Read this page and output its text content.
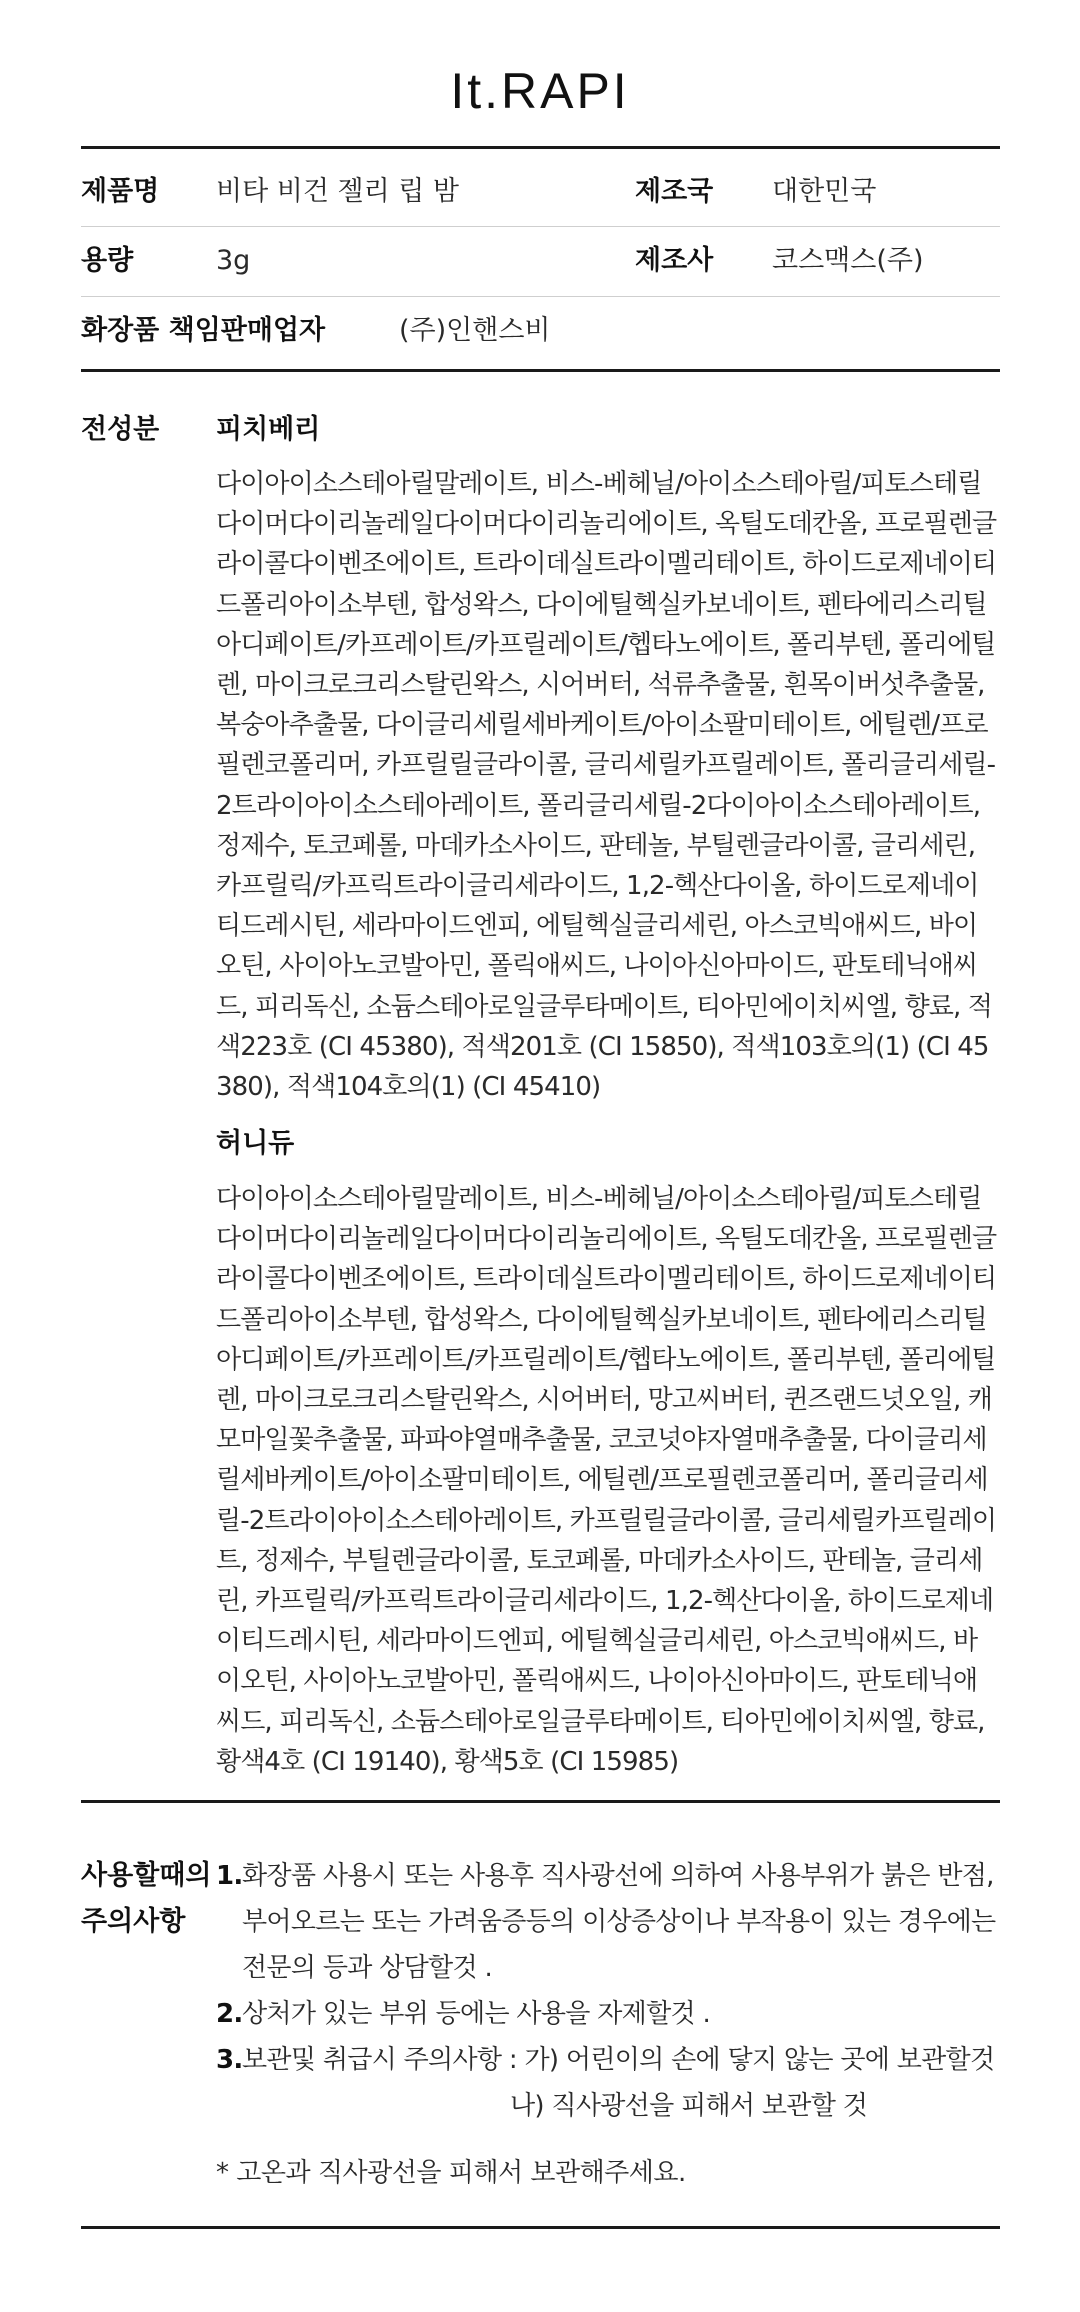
It.RAPI
제품명 비타 비건 젤리 립 밤	제조국 대한민국
용량	3g	제조사 코스맥스(주)
화장품 책임판매업자	(주)인핸스비
전성분 피치베리
다이아이소스테아릴말레이트, 비스-베헤닐/아이소스테아릴/피토스테릴다이머다이리놀레일다이머다이리놀리에이트, 옥틸도데칸올, 프로필렌글라이콜다이벤조에이트, 트라이데실트라이멜리테이트, 하이드로제네이티드폴리아이소부텐, 합성왁스, 다이에틸헥실카보네이트, 펜타에리스리틸아디페이트/카프레이트/카프릴레이트/헵타노에이트, 폴리부텐, 폴리에틸렌, 마이크로크리스탈린왁스, 시어버터, 석류추출물, 흰목이버섯추출물, 복숭아추출물, 다이글리세릴세바케이트/아이소팔미테이트, 에틸렌/프로필렌코폴리머, 카프릴릴글라이콜, 글리세릴카프릴레이트, 폴리글리세릴-2트라이아이소스테아레이트, 폴리글리세릴-2다이아이소스테아레이트, 정제수, 토코페롤, 마데카소사이드, 판테놀, 부틸렌글라이콜, 글리세린, 카프릴릭/카프릭트라이글리세라이드, 1,2-헥산다이올, 하이드로제네이티드레시틴, 세라마이드엔피, 에틸헥실글리세린, 아스코빅애씨드, 바이오틴, 사이아노코발아민, 폴릭애씨드, 나이아신아마이드, 판토테닉애씨드, 피리독신, 소듐스테아로일글루타메이트, 티아민에이치씨엘, 향료, 적색223호 (CI 45380), 적색201호 (CI 15850), 적색103호의(1) (CI 45380), 적색104호의(1) (CI 45410)
허니듀
다이아이소스테아릴말레이트, 비스-베헤닐/아이소스테아릴/피토스테릴다이머다이리놀레일다이머다이리놀리에이트, 옥틸도데칸올, 프로필렌글라이콜다이벤조에이트, 트라이데실트라이멜리테이트, 하이드로제네이티드폴리아이소부텐, 합성왁스, 다이에틸헥실카보네이트, 펜타에리스리틸아디페이트/카프레이트/카프릴레이트/헵타노에이트, 폴리부텐, 폴리에틸렌, 마이크로크리스탈린왁스, 시어버터, 망고씨버터, 퀸즈랜드넛오일, 캐모마일꽃추출물, 파파야열매추출물, 코코넛야자열매추출물, 다이글리세릴세바케이트/아이소팔미테이트, 에틸렌/프로필렌코폴리머, 폴리글리세릴-2트라이아이소스테아레이트, 카프릴릴글라이콜, 글리세릴카프릴레이트, 정제수, 부틸렌글라이콜, 토코페롤, 마데카소사이드, 판테놀, 글리세린, 카프릴릭/카프릭트라이글리세라이드, 1,2-헥산다이올, 하이드로제네이티드레시틴, 세라마이드엔피, 에틸헥실글리세린, 아스코빅애씨드, 바이오틴, 사이아노코발아민, 폴릭애씨드, 나이아신아마이드, 판토테닉애씨드, 피리독신, 소듐스테아로일글루타메이트, 티아민에이치씨엘, 향료, 황색4호 (CI 19140), 황색5호 (CI 15985)
사용할때의
주의사항
1. 화장품 사용시 또는 사용후 직사광선에 의하여 사용부위가 붉은 반점, 부어오르는 또는 가려움증등의 이상증상이나 부작용이 있는 경우에는 전문의 등과 상담할것 .
2. 상처가 있는 부위 등에는 사용을 자제할것 .
3. 보관및 취급시 주의사항 : 가) 어린이의 손에 닿지 않는 곳에 보관할것
나) 직사광선을 피해서 보관할 것
* 고온과 직사광선을 피해서 보관해주세요.
